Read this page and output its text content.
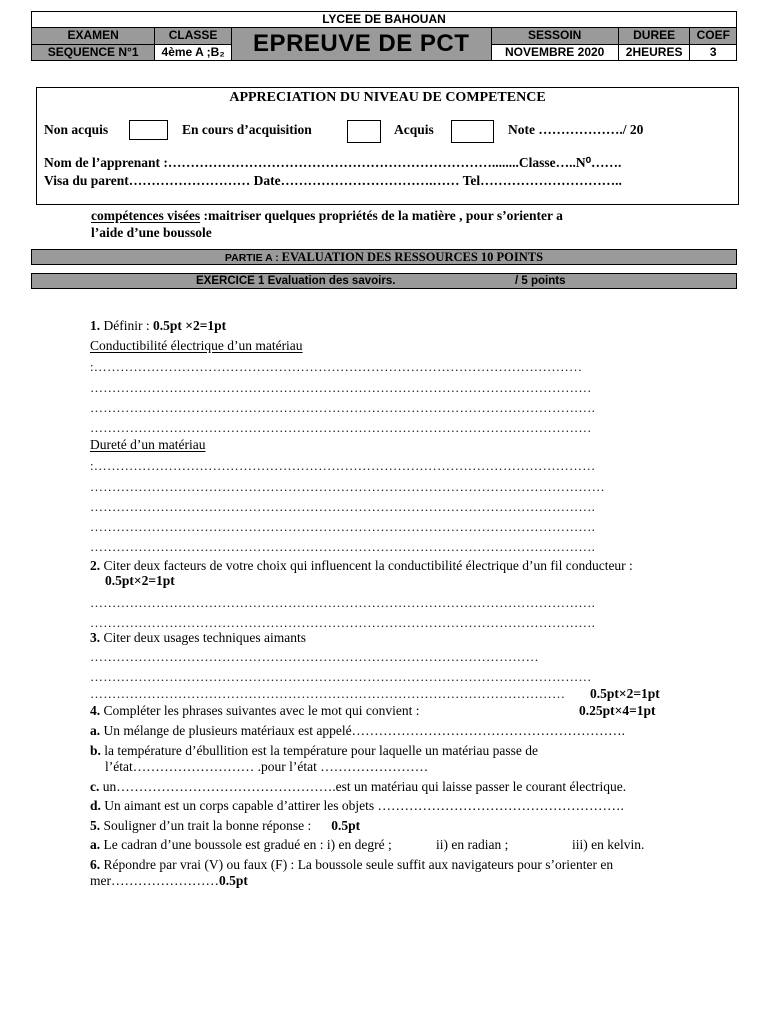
LYCEE DE BAHOUAN					
EXAMEN	CLASSE	EPREUVE DE PCT	SESSOIN	DUREE	COEF
SEQUENCE N°1	4ème A ;B₂		NOVEMBRE 2020	2HEURES	3
APPRECIATION DU NIVEAU DE COMPETENCE
Non acquis	En cours d’acquisition	Acquis	Note ………………./ 20
Nom de l’apprenant :………………………………………………………………........Classe…..N⁰…….
Visa du parent……………………… Date…………………………….…… Tel…………………………..
compétences visées :maitriser quelques propriétés de la matière , pour s’orienter a
l’aide d’une boussole
PARTIE A : EVALUATION DES RESSOURCES 10 POINTS
EXERCICE 1 Evaluation des savoirs.	/ 5 points
1. Définir : 0.5pt ×2=1pt
Conductibilité électrique d’un matériau
:…………………………………………………………………………………………………
……………………………………………………………………………………………………
…………………………………………………………………………………………………….
……………………………………………………………………………………………………
Dureté d’un matériau
:……………………………………………………………………………………………………
………………………………………………………………………………………………………
…………………………………………………………………………………………………….
…………………………………………………………………………………………………….
…………………………………………………………………………………………………….
2. Citer deux facteurs de votre choix qui influencent la conductibilité électrique d’un fil conducteur :
0.5pt×2=1pt
…………………………………………………………………………………………………….
…………………………………………………………………………………………………….
3. Citer deux usages techniques aimants
…………………………………………………………………………………………
……………………………………………………………………………………………………
……………………………………………………………………………………………… 0.5pt×2=1pt
4. Compléter les phrases suivantes avec le mot qui convient :	0.25pt×4=1pt
a. Un mélange de plusieurs matériaux est appelé…………………………………………………….
b. la température d’ébullition est la température pour laquelle un matériau passe de
l’état……………………… .pour l’état ……………………
c. un………………………………………….est un matériau qui laisse passer le courant électrique.
d. Un aimant est un corps capable d’attirer les objets ……………………………………………….
5. Souligner d’un trait la bonne réponse : 0.5pt
a. Le cadran d’une boussole est gradué en : i) en degré ;	ii) en radian ;	iii) en kelvin.
6. Répondre par vrai (V) ou faux (F) : La boussole seule suffit aux navigateurs pour s’orienter en
mer……………………0.5pt
